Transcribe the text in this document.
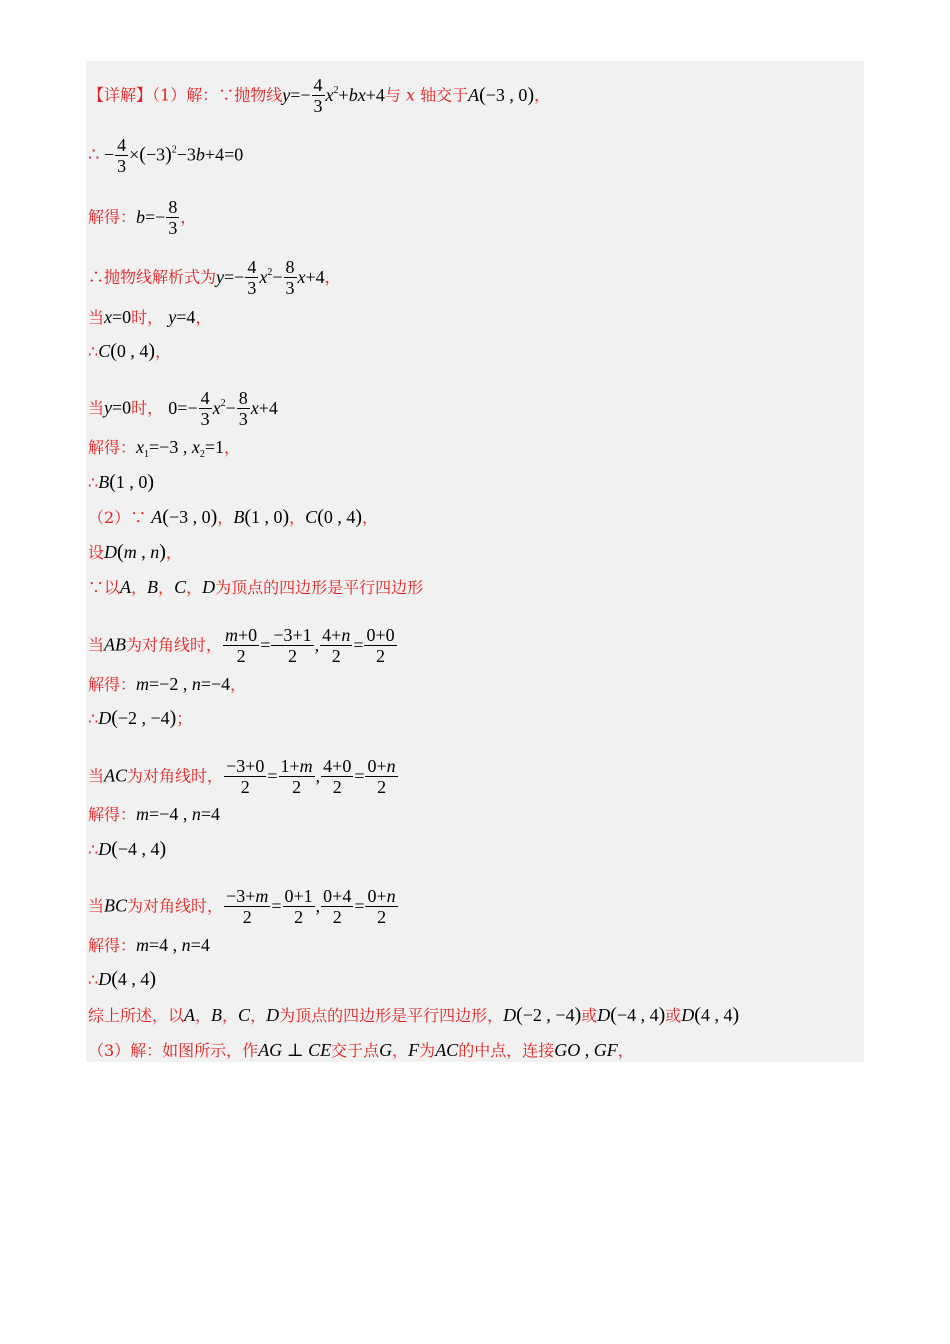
【详解】（1）解：∵抛物线$y=- \frac{4}{3} x^2+bx+4$与 x 轴交于A(−3 , 0)，
∴ − $\frac{4}{3} \times(-3)^2-3b+4=0$
解得：$b=- \frac{8}{3}$ ，
∴抛物线解析式为$y=- \frac{4}{3} x^2- \frac{8}{3} x+4$，
当x=0时， y=4，
∴C(0 , 4)，
当y=0时， $0=- \frac{4}{3} x^2- \frac{8}{3} x+4$
解得：$x_1=-3$ , $x_2=1$，
∴B(1 , 0)
（2）∵ A(−3 , 0)，B(1 , 0)，C(0 , 4)，
设D(m , n)，
∵以A，B，C，D为顶点的四边形是平行四边形
当AB为对角线时， $\frac{m+0}{2} = \frac{-3+1}{2}$ , $\frac{4+n}{2} = \frac{0+0}{2}$
解得：m=−2 , n=−4，
∴D(−2 , −4)；
当AC为对角线时， $\frac{-3+0}{2} = \frac{1+m}{2}$ , $\frac{4+0}{2} = \frac{0+n}{2}$
解得：m=−4 , n=4
∴D(−4 , 4)
当BC为对角线时， $\frac{-3+m}{2} = \frac{0+1}{2}$ , $\frac{0+4}{2} = \frac{0+n}{2}$
解得：m=4 , n=4
∴D(4 , 4)
综上所述，以A，B，C，D为顶点的四边形是平行四边形，D(−2 , −4)或D(−4 , 4)或D(4 , 4)
（3）解：如图所示，作AG ⊥ CE交于点G，F为AC的中点，连接GO , GF，
